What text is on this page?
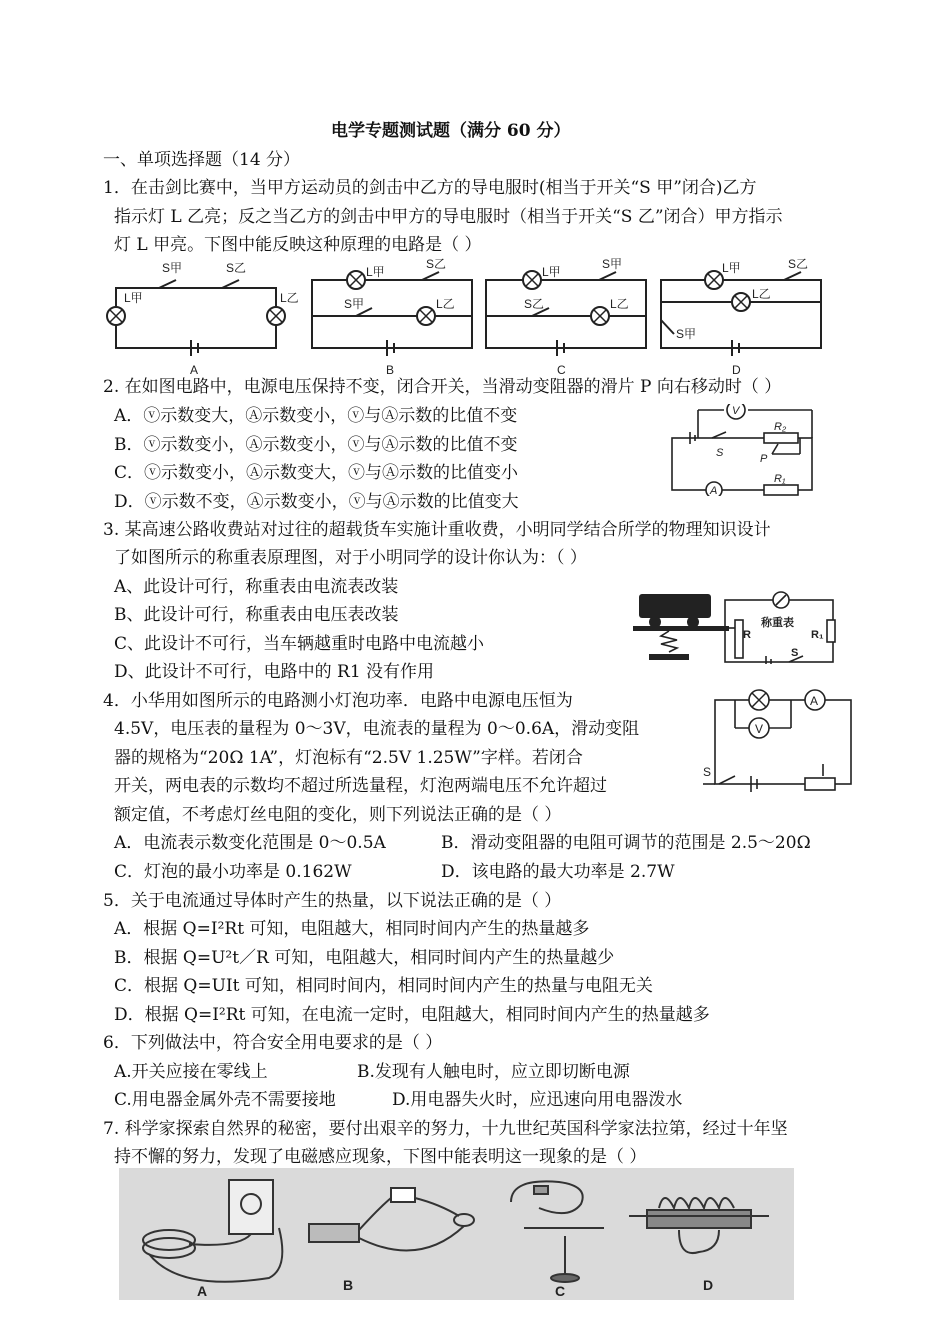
电学专题测试题（满分 60 分）
一、单项选择题（14 分）
1．在击剑比赛中，当甲方运动员的剑击中乙方的导电服时(相当于开关“S 甲”闭合)乙方
指示灯 L 乙亮；反之当乙方的剑击中甲方的导电服时（相当于开关“S 乙”闭合）甲方指示
灯 L 甲亮。下图中能反映这种原理的电路是（ ）
S甲	S乙
L甲	L乙
L甲
S乙
S甲	L乙
L甲
S甲
S乙	L乙
L甲	S乙
L乙
S甲
A	B	C	D
2. 在如图电路中，电源电压保持不变，闭合开关，当滑动变阻器的滑片 P 向右移动时（ ）
A．ⓥ示数变大，Ⓐ示数变小，ⓥ与Ⓐ示数的比值不变
B．ⓥ示数变小，Ⓐ示数变小，ⓥ与Ⓐ示数的比值不变
C．ⓥ示数变小，Ⓐ示数变大，ⓥ与Ⓐ示数的比值变小
D．ⓥ示数不变，Ⓐ示数变小，ⓥ与Ⓐ示数的比值变大
V
R₂
S	P
A
R₁
3. 某高速公路收费站对过往的超载货车实施计重收费，小明同学结合所学的物理知识设计
了如图所示的称重表原理图，对于小明同学的设计你认为：（ ）
A、此设计可行，称重表由电流表改装
B、此设计可行，称重表由电压表改装
C、此设计不可行，当车辆越重时电路中电流越小
D、此设计不可行，电路中的 R1 没有作用
称重表
R	R₁
S
4．小华用如图所示的电路测小灯泡功率．电路中电源电压恒为
4.5V，电压表的量程为 0～3V，电流表的量程为 0～0.6A，滑动变阻
器的规格为“20Ω 1A”，灯泡标有“2.5V 1.25W”字样。若闭合
开关，两电表的示数均不超过所选量程，灯泡两端电压不允许超过
额定值，不考虑灯丝电阻的变化，则下列说法正确的是（ ）
A．电流表示数变化范围是 0～0.5A	B．滑动变阻器的电阻可调节的范围是 2.5～20Ω
C．灯泡的最小功率是 0.162W	D．该电路的最大功率是 2.7W
A
V
S
5．关于电流通过导体时产生的热量，以下说法正确的是（ ）
A．根据 Q=I²Rt 可知，电阻越大，相同时间内产生的热量越多
B．根据 Q=U²t／R 可知，电阻越大，相同时间内产生的热量越少
C．根据 Q=UIt 可知，相同时间内，相同时间内产生的热量与电阻无关
D．根据 Q=I²Rt 可知，在电流一定时，电阻越大，相同时间内产生的热量越多
6．下列做法中，符合安全用电要求的是（ ）
A.开关应接在零线上	B.发现有人触电时，应立即切断电源
C.用电器金属外壳不需要接地	D.用电器失火时，应迅速向用电器泼水
7. 科学家探索自然界的秘密，要付出艰辛的努力，十九世纪英国科学家法拉第，经过十年坚
持不懈的努力，发现了电磁感应现象，下图中能表明这一现象的是（ ）
A	B	C	D
